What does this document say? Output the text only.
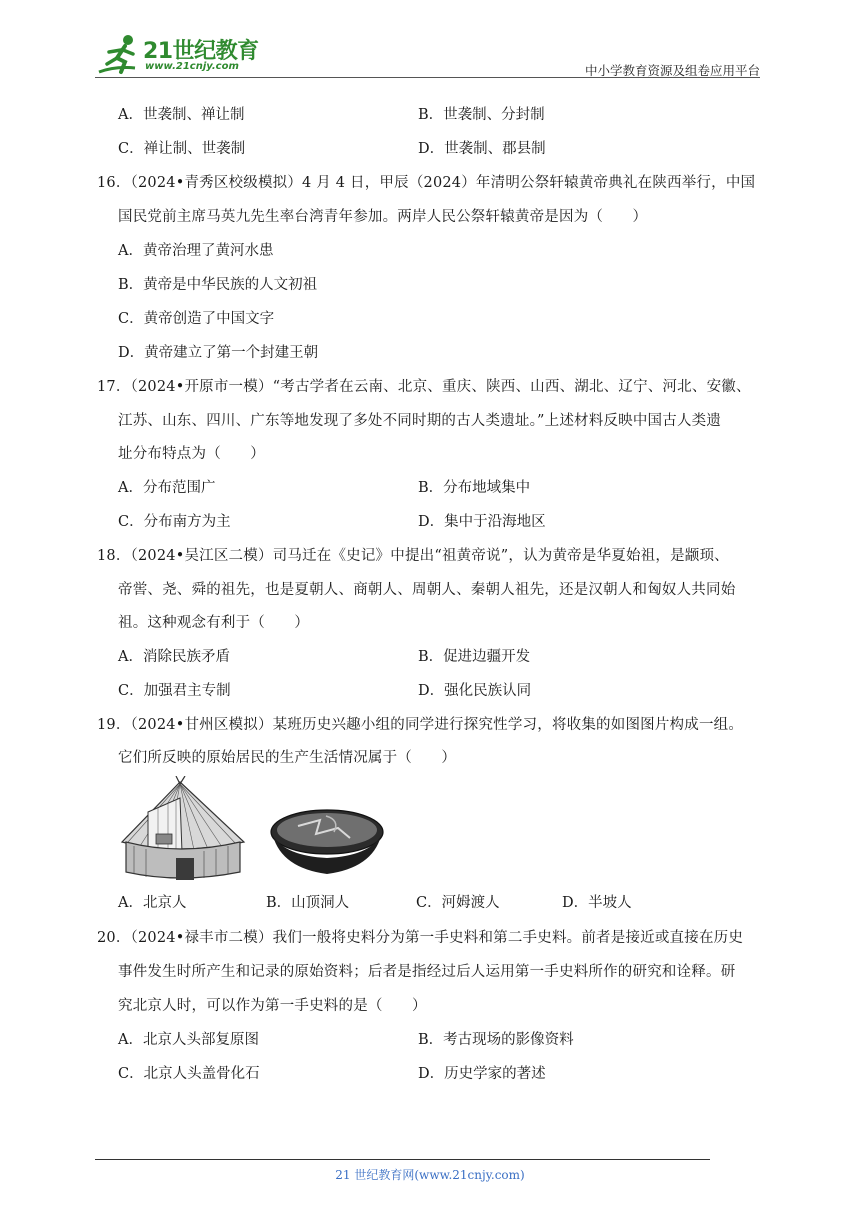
21世纪教育
www.21cnjy.com	中小学教育资源及组卷应用平台
A．世袭制、禅让制	B．世袭制、分封制
C．禅让制、世袭制	D．世袭制、郡县制
16．（2024•青秀区校级模拟）4 月 4 日，甲辰（2024）年清明公祭轩辕黄帝典礼在陕西举行，中国
国民党前主席马英九先生率台湾青年参加。两岸人民公祭轩辕黄帝是因为（　　）
A．黄帝治理了黄河水患
B．黄帝是中华民族的人文初祖
C．黄帝创造了中国文字
D．黄帝建立了第一个封建王朝
17．（2024•开原市一模）“考古学者在云南、北京、重庆、陕西、山西、湖北、辽宁、河北、安徽、
江苏、山东、四川、广东等地发现了多处不同时期的古人类遗址。”上述材料反映中国古人类遗
址分布特点为（　　）
A．分布范围广	B．分布地域集中
C．分布南方为主	D．集中于沿海地区
18．（2024•吴江区二模）司马迁在《史记》中提出“祖黄帝说”，认为黄帝是华夏始祖，是颛顼、
帝喾、尧、舜的祖先，也是夏朝人、商朝人、周朝人、秦朝人祖先，还是汉朝人和匈奴人共同始
祖。这种观念有利于（　　）
A．消除民族矛盾	B．促进边疆开发
C．加强君主专制	D．强化民族认同
19．（2024•甘州区模拟）某班历史兴趣小组的同学进行探究性学习，将收集的如图图片构成一组。
它们所反映的原始居民的生产生活情况属于（　　）
A．北京人	B．山顶洞人	C．河姆渡人	D．半坡人
20．（2024•禄丰市二模）我们一般将史料分为第一手史料和第二手史料。前者是接近或直接在历史
事件发生时所产生和记录的原始资料；后者是指经过后人运用第一手史料所作的研究和诠释。研
究北京人时，可以作为第一手史料的是（　　）
A．北京人头部复原图	B．考古现场的影像资料
C．北京人头盖骨化石	D．历史学家的著述
21 世纪教育网(www.21cnjy.com)
